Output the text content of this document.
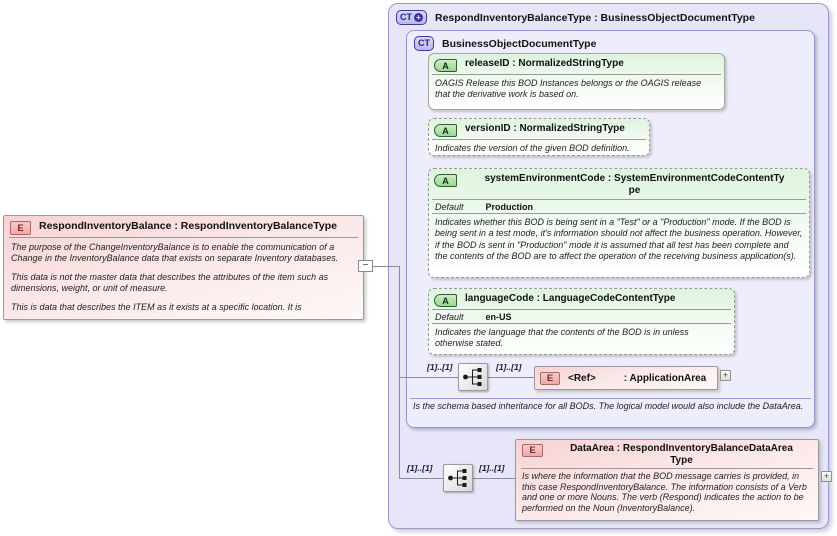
CT + RespondInventoryBalanceType : BusinessObjectDocumentType
CT BusinessObjectDocumentType
Is the schema based inheritance for all BODs. The logical model would also include the DataArea.
E	RespondInventoryBalance : RespondInventoryBalanceType

The purpose of the ChangeInventoryBalance is to enable the communication of a Change in the InventoryBalance data that exists on separate Inventory databases.

This data is not the master data that describes the attributes of the item such as dimensions, weight, or unit of measure.

This is data that describes the ITEM as it exists at a specific location. It is

−
A	releaseID : NormalizedStringType
OAGIS Release this BOD Instances belongs or the OAGIS release that the derivative work is based on.
A	versionID : NormalizedStringType
Indicates the version of the given BOD definition.
A	systemEnvironmentCode : SystemEnvironmentCodeContentTy
pe
Default Production
Indicates whether this BOD is being sent in a "Test" or a "Production" mode. If the BOD is being sent in a test mode, it's information should not affect the business operation. However, if the BOD is sent in "Production" mode it is assumed that all test has been complete and the contents of the BOD are to affect the operation of the receiving business application(s).
A	languageCode : LanguageCodeContentType
Default en-US
Indicates the language that the contents of the BOD is in unless otherwise stated.
[1]..[1]	[1]..[1]
E	<Ref>	: ApplicationArea	+
[1]..[1]	[1]..[1]
E	DataArea : RespondInventoryBalanceDataArea
Type
Is where the information that the BOD message carries is provided, in this case RespondInventoryBalance. The information consists of a Verb and one or more Nouns. The verb (Respond) indicates the action to be performed on the Noun (InventoryBalance).
+
